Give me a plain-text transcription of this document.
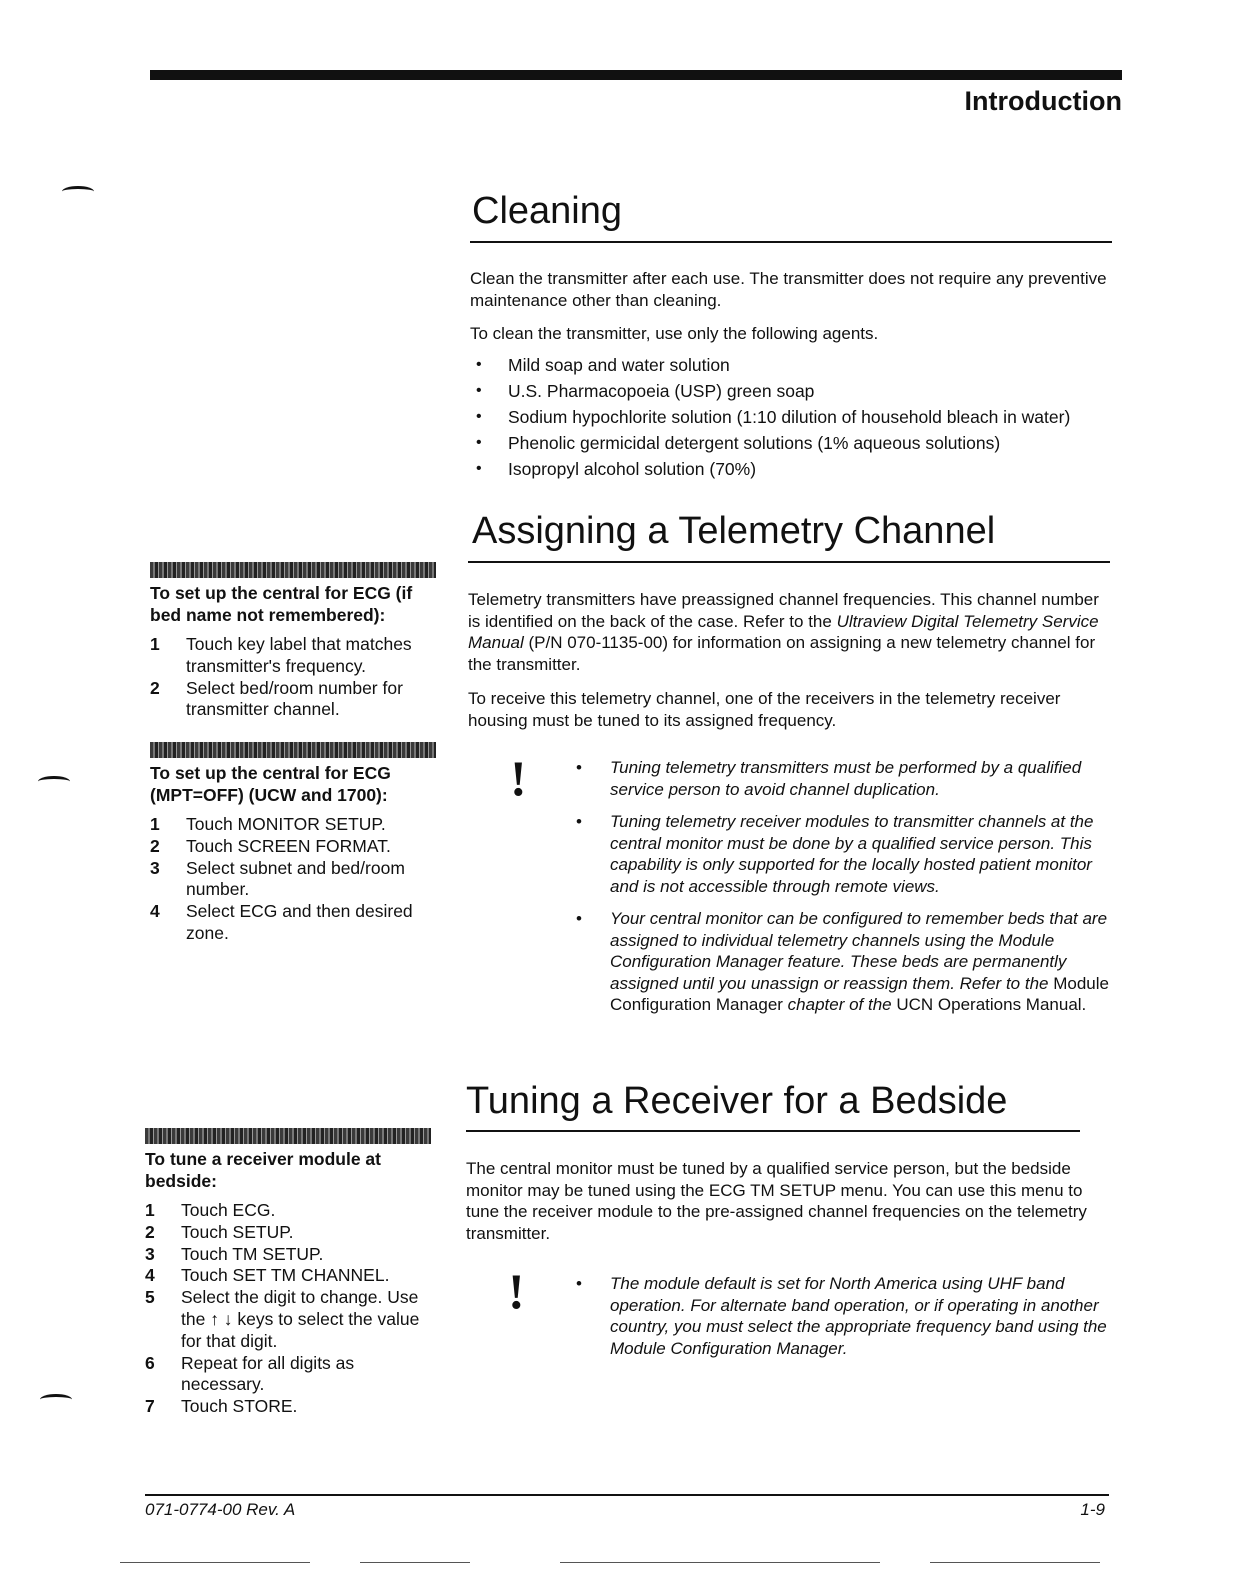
Introduction
Cleaning

Clean the transmitter after each use. The transmitter does not require any preventive maintenance other than cleaning.

To clean the transmitter, use only the following agents.

• Mild soap and water solution
• U.S. Pharmacopoeia (USP) green soap
• Sodium hypochlorite solution (1:10 dilution of household bleach in water)
• Phenolic germicidal detergent solutions (1% aqueous solutions)
• Isopropyl alcohol solution (70%)
Assigning a Telemetry Channel

Telemetry transmitters have preassigned channel frequencies. This channel number is identified on the back of the case. Refer to the Ultraview Digital Telemetry Service Manual (P/N 070-1135-00) for information on assigning a new telemetry channel for the transmitter.

To receive this telemetry channel, one of the receivers in the telemetry receiver housing must be tuned to its assigned frequency.

!	• Tuning telemetry transmitters must be performed by a qualified service person to avoid channel duplication.
• Tuning telemetry receiver modules to transmitter channels at the central monitor must be done by a qualified service person. This capability is only supported for the locally hosted patient monitor and is not accessible through remote views.
• Your central monitor can be configured to remember beds that are assigned to individual telemetry channels using the Module Configuration Manager feature. These beds are permanently assigned until you unassign or reassign them. Refer to the Module Configuration Manager chapter of the UCN Operations Manual.
Tuning a Receiver for a Bedside

The central monitor must be tuned by a qualified service person, but the bedside monitor may be tuned using the ECG TM SETUP menu. You can use this menu to tune the receiver module to the pre-assigned channel frequencies on the telemetry transmitter.

!	• The module default is set for North America using UHF band operation. For alternate band operation, or if operating in another country, you must select the appropriate frequency band using the Module Configuration Manager.
To set up the central for ECG (if bed name not remembered):
1 Touch key label that matches transmitter's frequency.
2 Select bed/room number for transmitter channel.
To set up the central for ECG (MPT=OFF) (UCW and 1700):
1 Touch MONITOR SETUP.
2 Touch SCREEN FORMAT.
3 Select subnet and bed/room number.
4 Select ECG and then desired zone.
To tune a receiver module at bedside:
1 Touch ECG.
2 Touch SETUP.
3 Touch TM SETUP.
4 Touch SET TM CHANNEL.
5 Select the digit to change. Use the ↑ ↓ keys to select the value for that digit.
6 Repeat for all digits as necessary.
7 Touch STORE.
071-0774-00 Rev. A	1-9
